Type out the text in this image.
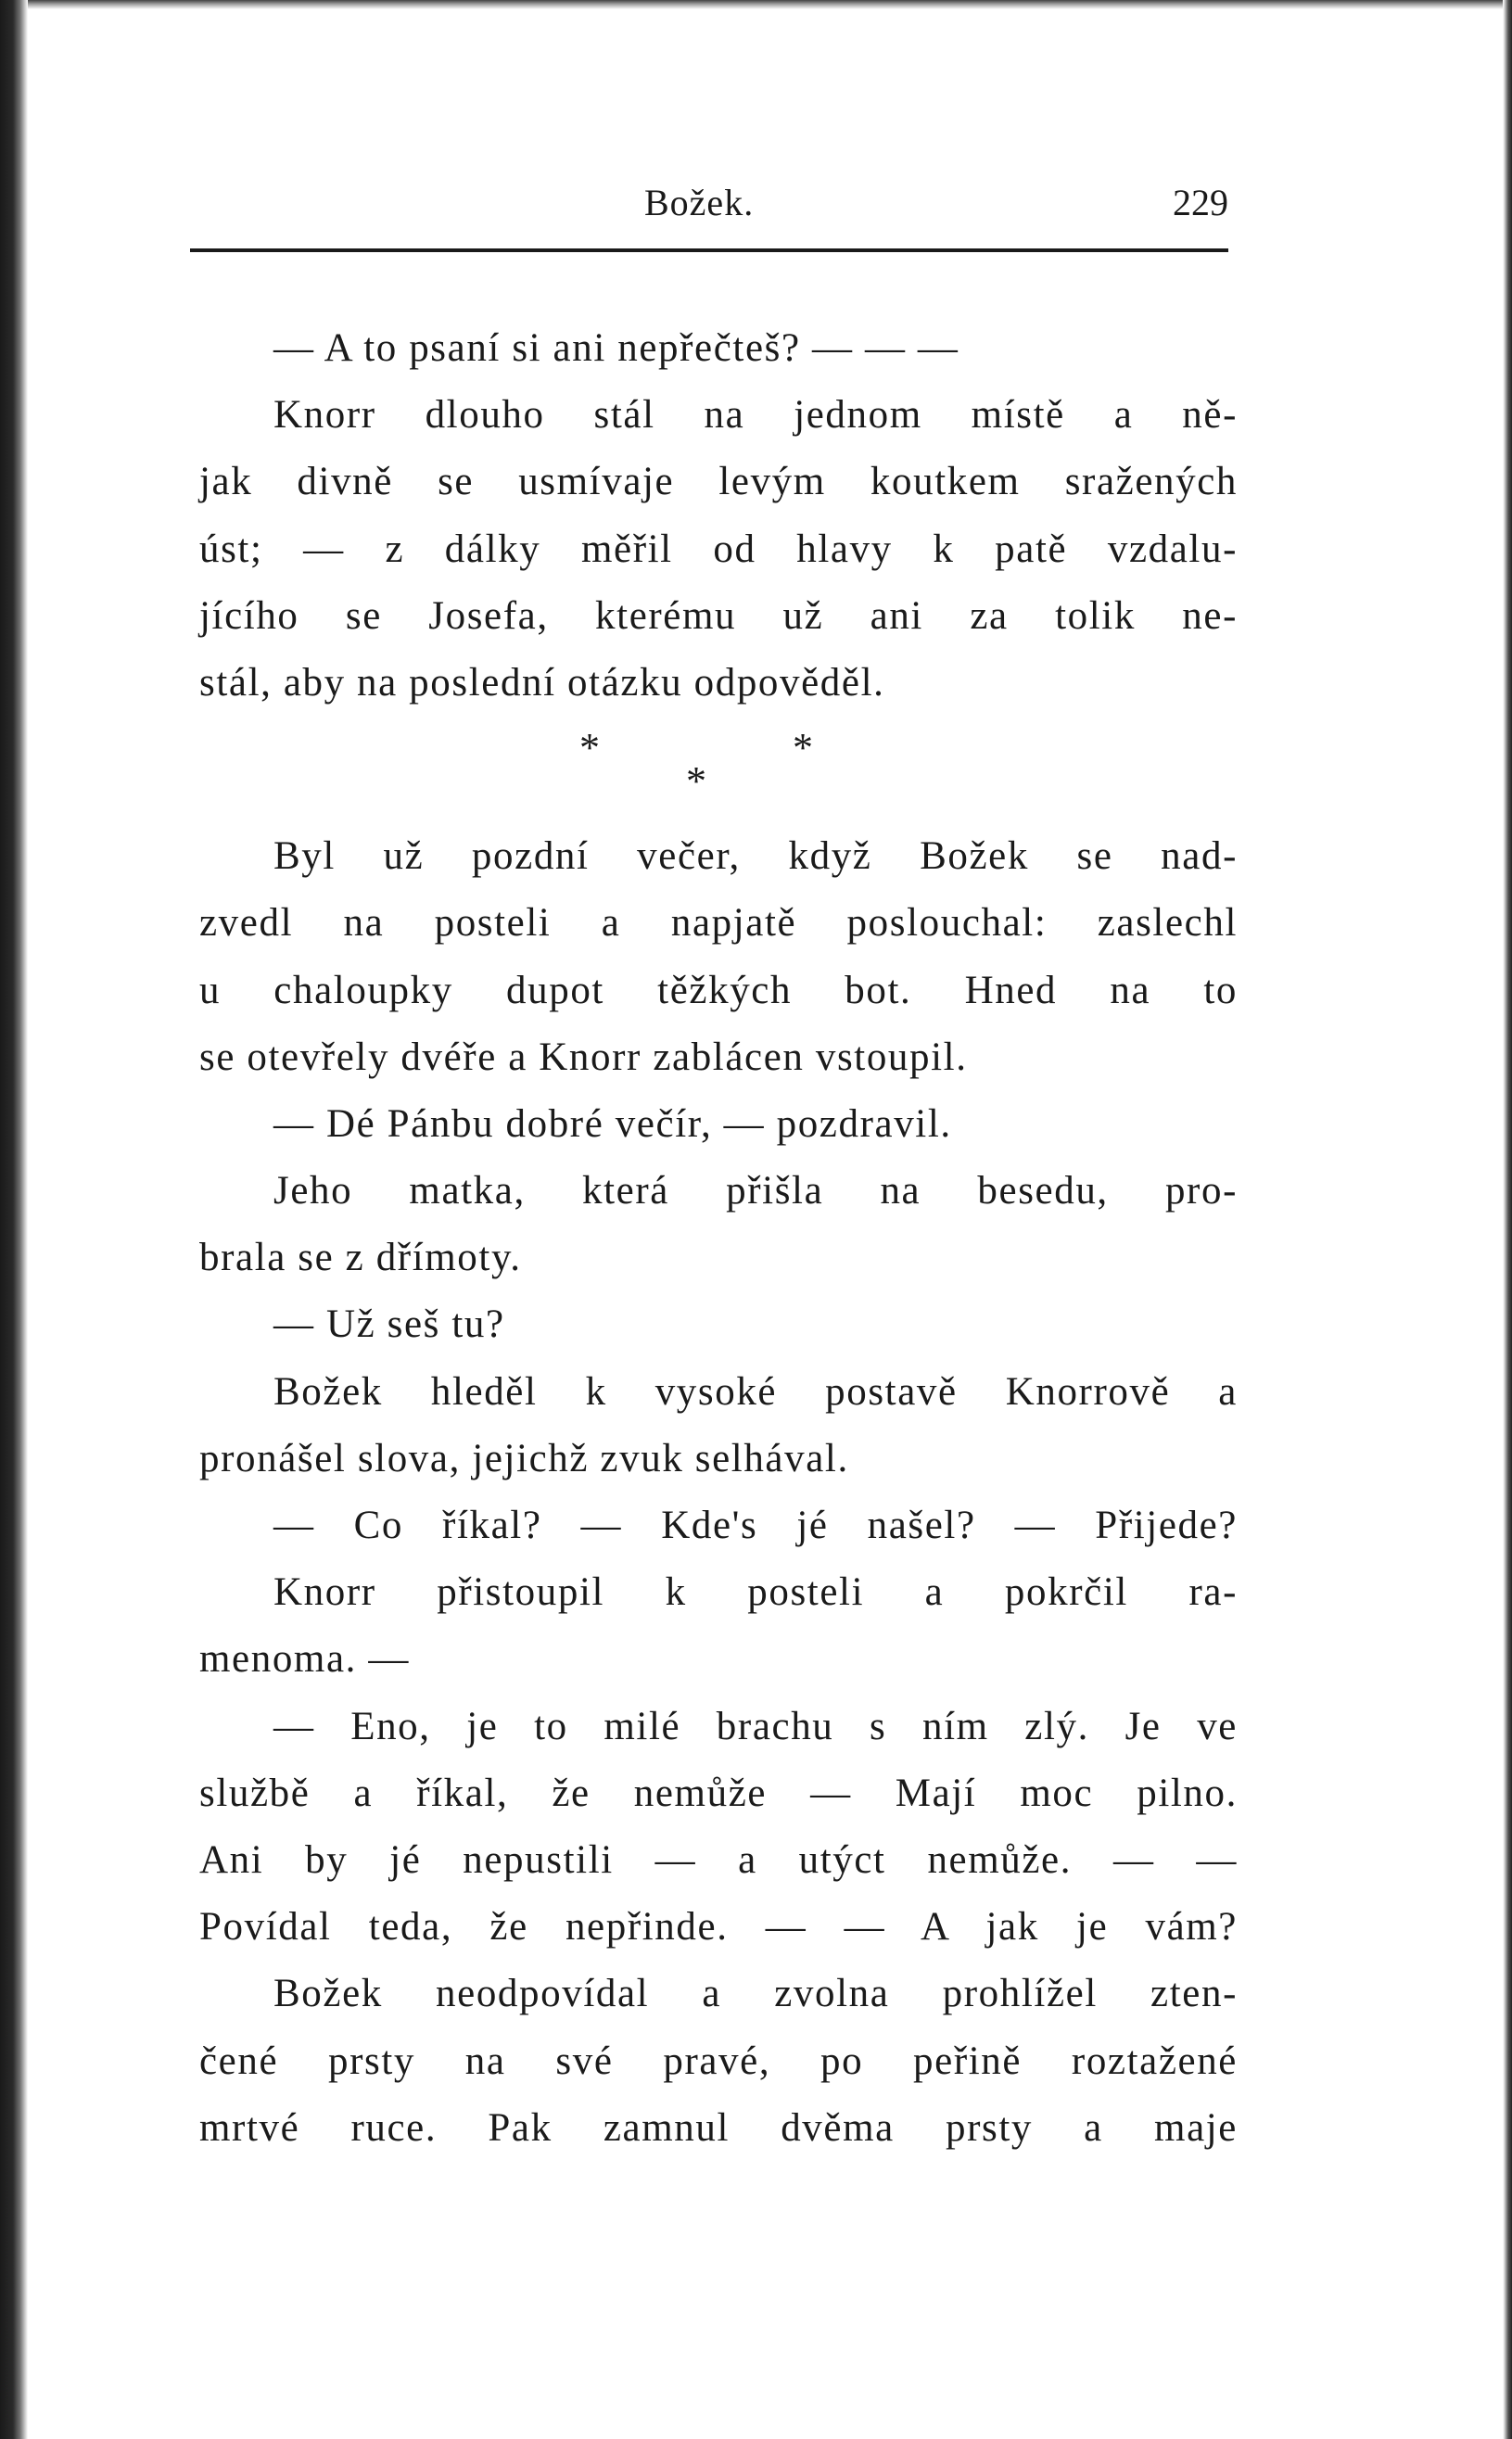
Božek.	229
— A to psaní si ani nepřečteš? — — —
Knorr dlouho stál na jednom místě a ně-
jak divně se usmívaje levým koutkem sražených
úst; — z dálky měřil od hlavy k patě vzdalu-
jícího se Josefa, kterému už ani za tolik ne-
stál, aby na poslední otázku odpověděl.
*	*
*
Byl už pozdní večer, když Božek se nad-
zvedl na posteli a napjatě poslouchal: zaslechl
u chaloupky dupot těžkých bot. Hned na to
se otevřely dvéře a Knorr zablácen vstoupil.
— Dé Pánbu dobré večír, — pozdravil.
Jeho matka, která přišla na besedu, pro-
brala se z dřímoty.
— Už seš tu?
Božek hleděl k vysoké postavě Knorrově a
pronášel slova, jejichž zvuk selhával.
— Co říkal? — Kde's jé našel? — Přijede?
Knorr přistoupil k posteli a pokrčil ra-
menoma. —
— Eno, je to milé brachu s ním zlý. Je ve
službě a říkal, že nemůže — Mají moc pilno.
Ani by jé nepustili — a utýct nemůže. — —
Povídal teda, že nepřinde. — — A jak je vám?
Božek neodpovídal a zvolna prohlížel zten-
čené prsty na své pravé, po peřině roztažené
mrtvé ruce. Pak zamnul dvěma prsty a maje
